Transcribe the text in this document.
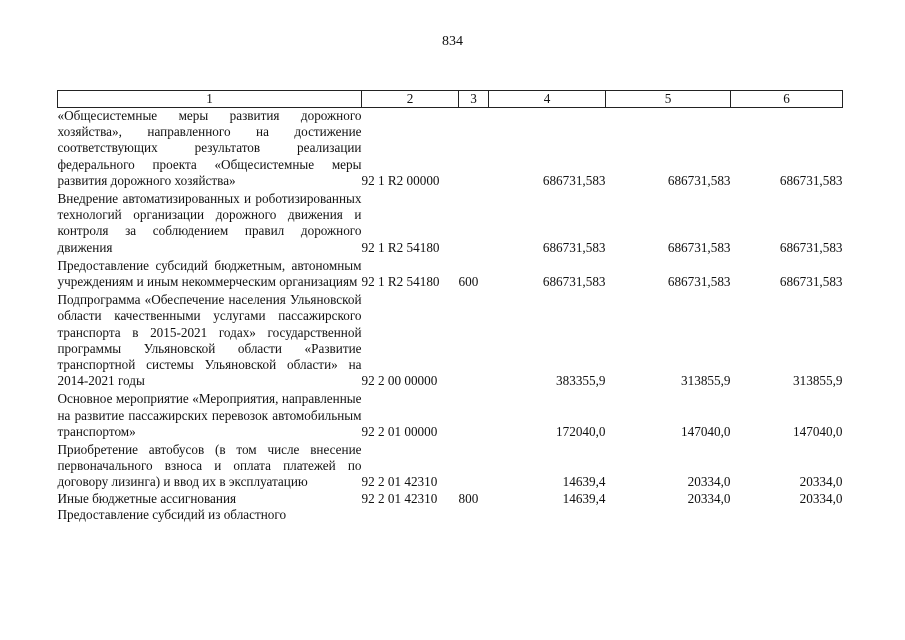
834
1	2	3	4	5	6
«Общесистемные меры развития дорожного хозяйства», направленного на достижение соответствующих результатов реализации федерального проекта «Общесистемные меры развития дорожного хозяйства»	92 1 R2 00000		686731,583	686731,583	686731,583
Внедрение автоматизированных и роботизированных технологий организации дорожного движения и контроля за соблюдением правил дорожного движения	92 1 R2 54180		686731,583	686731,583	686731,583
Предоставление субсидий бюджетным, автономным учреждениям и иным некоммерческим организациям	92 1 R2 54180	600	686731,583	686731,583	686731,583
Подпрограмма «Обеспечение населения Ульяновской области качественными услугами пассажирского транспорта в 2015-2021 годах» государственной программы Ульяновской области «Развитие транспортной системы Ульяновской области» на 2014-2021 годы	92 2 00 00000		383355,9	313855,9	313855,9
Основное мероприятие «Мероприятия, направленные на развитие пассажирских перевозок автомобильным транспортом»	92 2 01 00000		172040,0	147040,0	147040,0
Приобретение автобусов (в том числе внесение первоначального взноса и оплата платежей по договору лизинга) и ввод их в эксплуатацию	92 2 01 42310		14639,4	20334,0	20334,0
Иные бюджетные ассигнования	92 2 01 42310	800	14639,4	20334,0	20334,0
Предоставление субсидий из областного					
